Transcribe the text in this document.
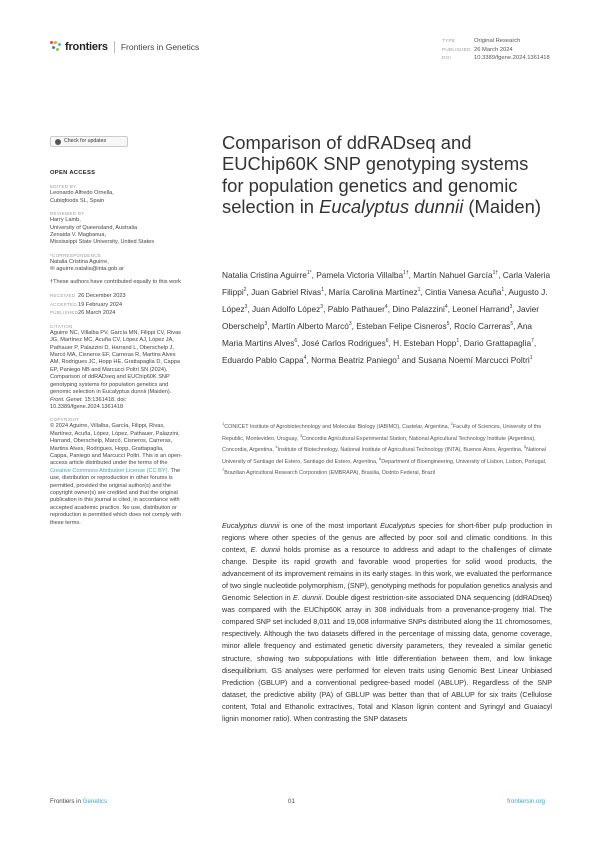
frontiers Frontiers in Genetics
TYPE	Original Research
PUBLISHED 26 March 2024
DOI	10.3389/fgene.2024.1361418
Check for updates
OPEN ACCESS
EDITED BY
Leonardo Alfredo Ornella,
Cubiqfoods SL, Spain
REVIEWED BY
Harry Lamb,
University of Queensland, Australia
Zenaida V. Magbanua,
Mississippi State University, United States
*CORRESPONDENCE
Natalia Cristina Aguirre,
✉ aguirre.natalia@inta.gob.ar
†These authors have contributed equally to this work
RECEIVED 26 December 2023
ACCEPTED19 February 2024
PUBLISHED26 March 2024
CITATION
Aguirre NC, Villalba PV, García MN, Filippi CV, Rivas JG, Martínez MC, Acuña CV, López AJ, López JA, Pathauer P, Palazzini D, Harrand L, Oberschelp J, Marcó MA, Cisneros EF, Carreras R, Martins Alves AM, Rodrigues JC, Hopp HE, Grattapaglia D, Cappa EP, Paniego NB and Marcucci Poltri SN (2024), Comparison of ddRADseq and EUChip60K SNP genotyping systems for population genetics and genomic selection in Eucalyptus dunnii (Maiden). Front. Genet. 15:1361418. doi: 10.3389/fgene.2024.1361418
COPYRIGHT
© 2024 Aguirre, Villalba, García, Filippi, Rivas, Martínez, Acuña, López, López, Pathauer, Palazzini, Harrand, Oberschelp, Marcó, Cisneros, Carreras, Martins Alves, Rodrigues, Hopp, Grattapaglia, Cappa, Paniego and Marcucci Poltri. This is an open-access article distributed under the terms of the Creative Commons Attribution License (CC BY). The use, distribution or reproduction in other forums is permitted, provided the original author(s) and the copyright owner(s) are credited and that the original publication in this journal is cited, in accordance with accepted academic practice. No use, distribution or reproduction is permitted which does not comply with these terms.
Comparison of ddRADseq and EUChip60K SNP genotyping systems for population genetics and genomic selection in Eucalyptus dunnii (Maiden)
Natalia Cristina Aguirre$^{1*}$, Pamela Victoria Villalba$^{1\dagger}$, Martín Nahuel García$^{1\dagger}$, Carla Valeria Filippi$^2$, Juan Gabriel Rivas$^1$, María Carolina Martínez$^1$, Cintia Vanesa Acuña$^1$, Augusto J. López$^3$, Juan Adolfo López$^3$, Pablo Pathauer$^4$, Dino Palazzini$^4$, Leonel Harrand$^3$, Javier Oberschelp$^3$, Martín Alberto Marcó$^3$, Esteban Felipe Cisneros$^5$, Rocío Carreras$^5$, Ana Maria Martins Alves$^6$, José Carlos Rodrigues$^6$, H. Esteban Hopp$^1$, Dario Grattapaglia$^7$, Eduardo Pablo Cappa$^4$, Norma Beatriz Paniego$^1$ and Susana Noemí Marcucci Poltri$^1$
$^1$CONICET Institute of Agrobiotechnology and Molecular Biology (IABIMO), Castelar, Argentina, $^2$Faculty of Sciences, University of the Republic, Montevideo, Uruguay, $^3$Concordia Agricultural Experimental Station, National Agricultural Technology Institute (Argentina), Concordia, Argentina, $^4$Institute of Biotechnology, National Institute of Agricultural Technology (INTA), Buenos Aires, Argentina, $^5$National University of Santiago del Estero, Santiago del Estero, Argentina, $^6$Department of Bioengineering, University of Lisbon, Lisbon, Portugal, $^7$Brazilian Agricultural Research Corporation (EMBRAPA), Brasilia, Distrito Federal, Brazil
Eucalyptus dunnii is one of the most important Eucalyptus species for short-fiber pulp production in regions where other species of the genus are affected by poor soil and climatic conditions. In this context, E. dunnii holds promise as a resource to address and adapt to the challenges of climate change. Despite its rapid growth and favorable wood properties for solid wood products, the advancement of its improvement remains in its early stages. In this work, we evaluated the performance of two single nucleotide polymorphism, (SNP), genotyping methods for population genetics analysis and Genomic Selection in E. dunnii. Double digest restriction-site associated DNA sequencing (ddRADseq) was compared with the EUChip60K array in 308 individuals from a provenance-progeny trial. The compared SNP set included 8,011 and 19,008 informative SNPs distributed along the 11 chromosomes, respectively. Although the two datasets differed in the percentage of missing data, genome coverage, minor allele frequency and estimated genetic diversity parameters, they revealed a similar genetic structure, showing two subpopulations with little differentiation between them, and low linkage disequilibrium. GS analyses were performed for eleven traits using Genomic Best Linear Unbiased Prediction (GBLUP) and a conventional pedigree-based model (ABLUP). Regardless of the SNP dataset, the predictive ability (PA) of GBLUP was better than that of ABLUP for six traits (Cellulose content, Total and Ethanolic extractives, Total and Klason lignin content and Syringyl and Guaiacyl lignin monomer ratio). When contrasting the SNP datasets
Frontiers in Genetics	01	frontiersin.org
